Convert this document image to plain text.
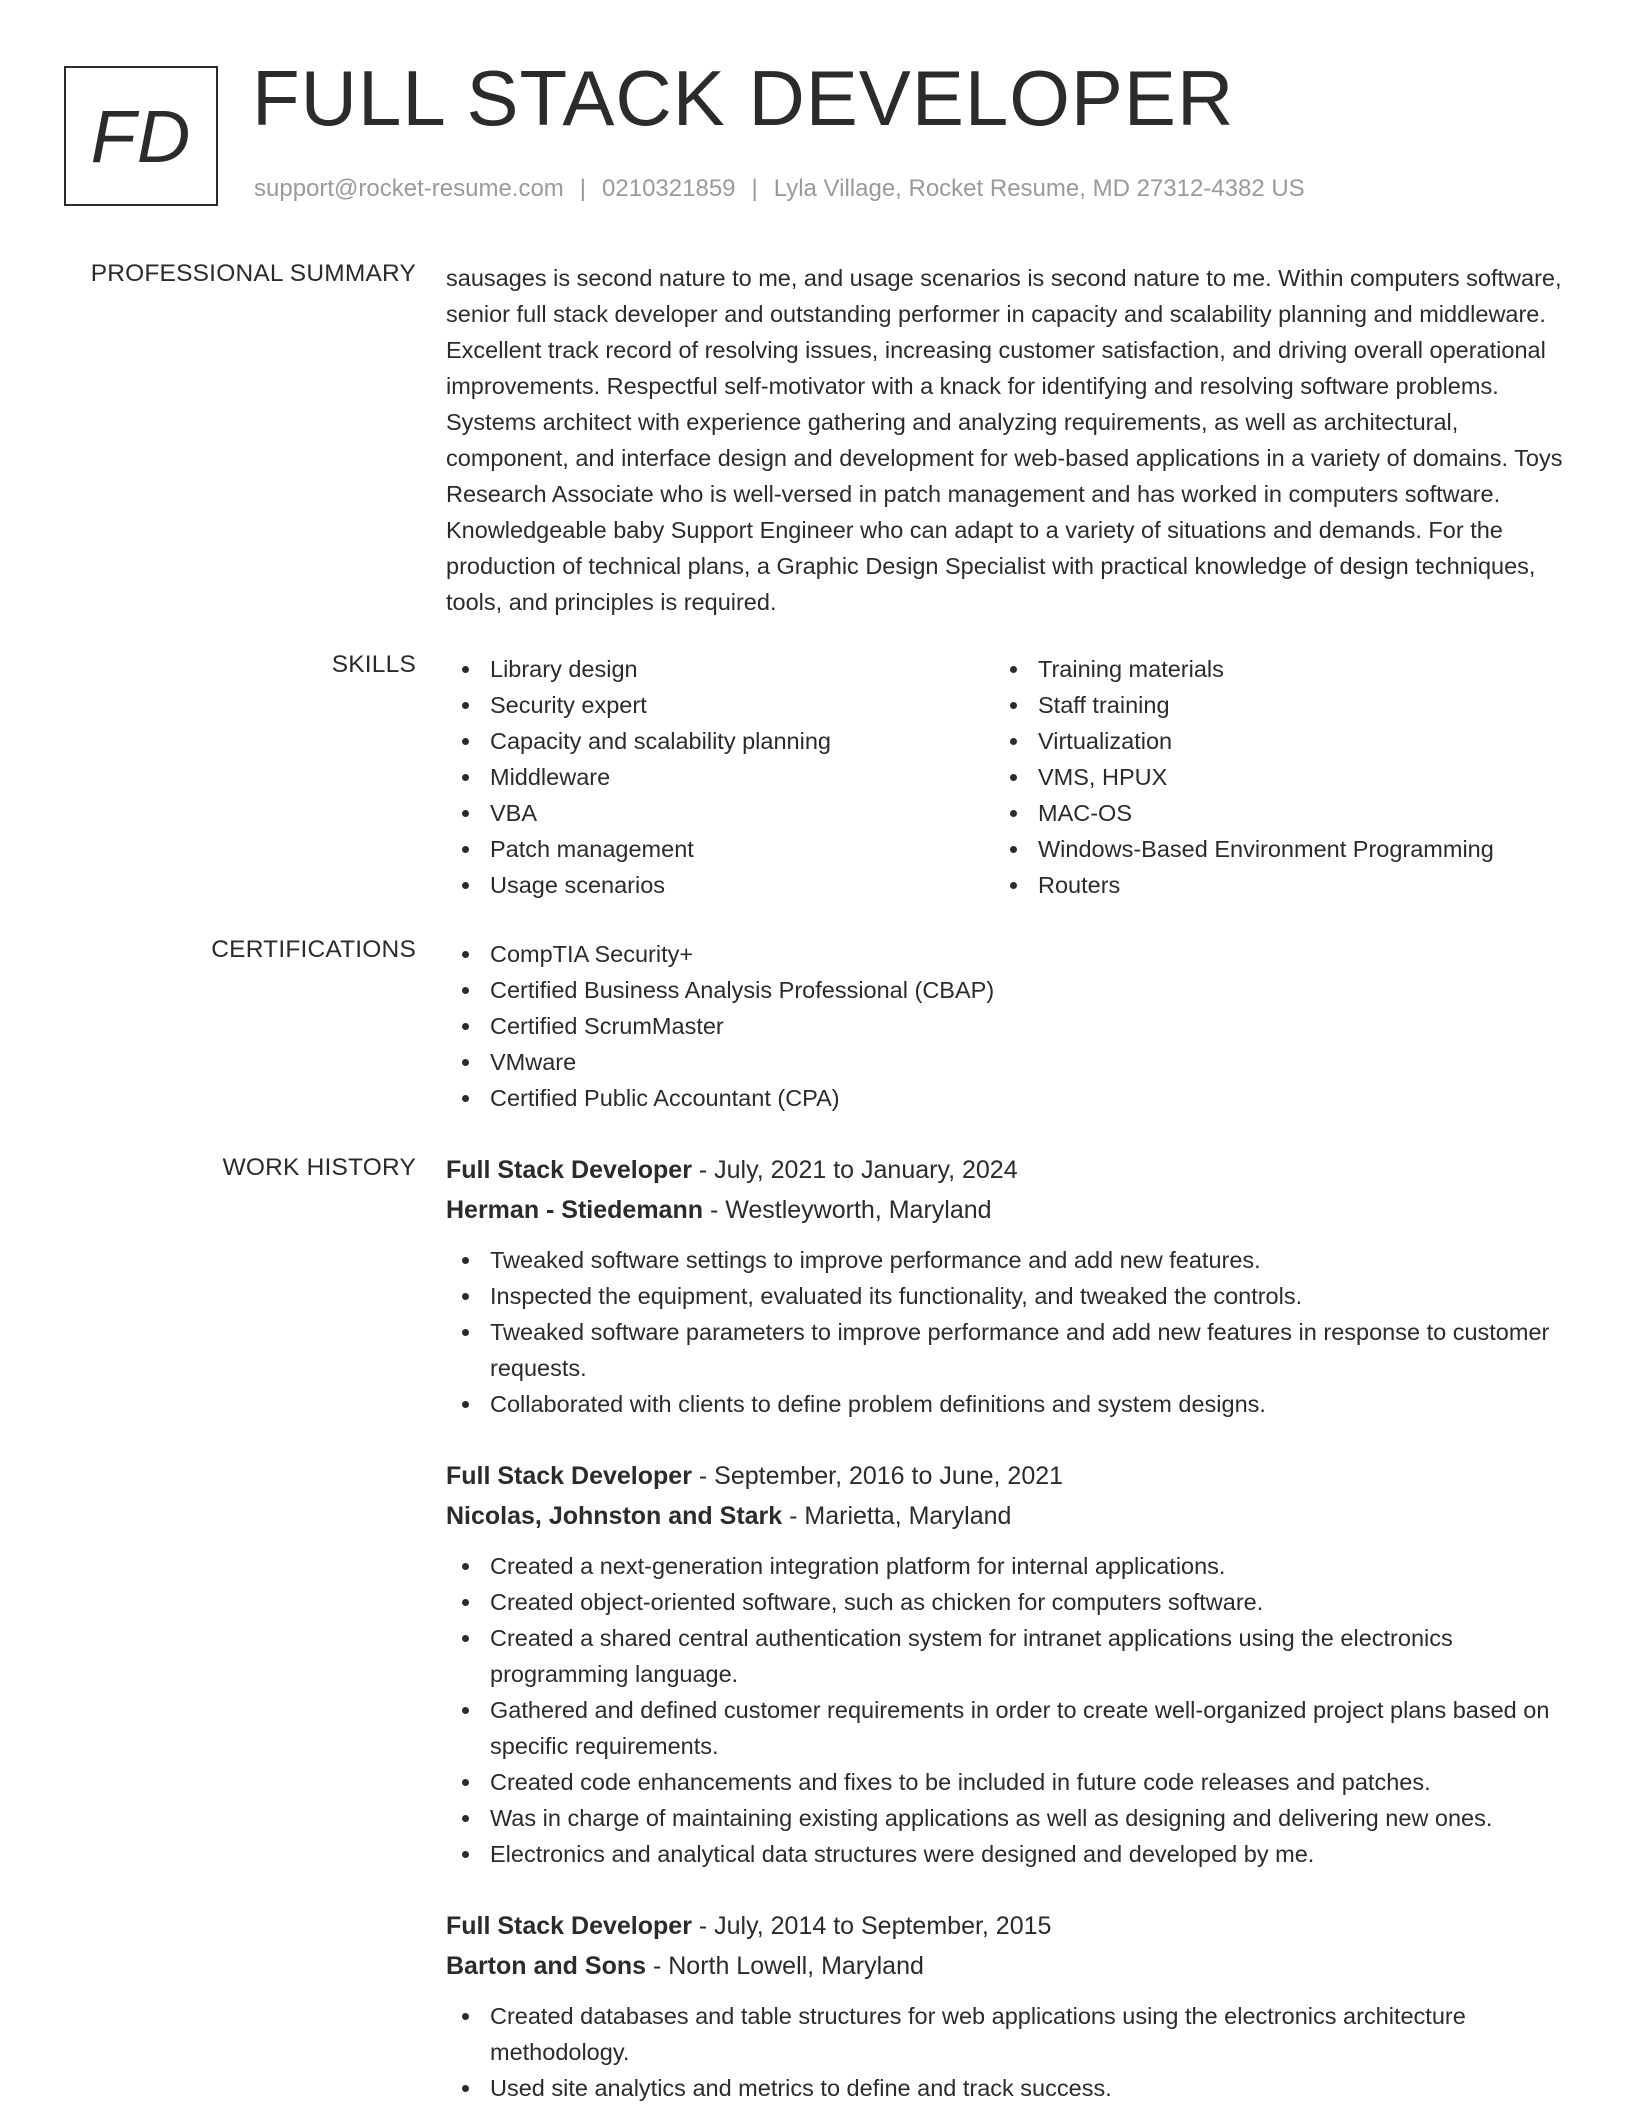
FD FULL STACK DEVELOPER
support@rocket-resume.com | 0210321859 | Lyla Village, Rocket Resume, MD 27312-4382 US
PROFESSIONAL SUMMARY sausages is second nature to me, and usage scenarios is second nature to me. Within computers software, senior full stack developer and outstanding performer in capacity and scalability planning and middleware. Excellent track record of resolving issues, increasing customer satisfaction, and driving overall operational improvements. Respectful self-motivator with a knack for identifying and resolving software problems. Systems architect with experience gathering and analyzing requirements, as well as architectural, component, and interface design and development for web-based applications in a variety of domains. Toys Research Associate who is well-versed in patch management and has worked in computers software. Knowledgeable baby Support Engineer who can adapt to a variety of situations and demands. For the production of technical plans, a Graphic Design Specialist with practical knowledge of design techniques, tools, and principles is required.

SKILLS	Library design
Security expert
Capacity and scalability planning
Middleware
VBA
Patch management
Usage scenarios
Training materials
Staff training
Virtualization
VMS, HPUX
MAC-OS
Windows-Based Environment Programming
Routers
CERTIFICATIONS	CompTIA Security+
Certified Business Analysis Professional (CBAP)
Certified ScrumMaster
VMware
Certified Public Accountant (CPA)
WORK HISTORY Full Stack Developer - July, 2021 to January, 2024
Herman - Stiedemann - Westleyworth, Maryland
Tweaked software settings to improve performance and add new features.
Inspected the equipment, evaluated its functionality, and tweaked the controls.
Tweaked software parameters to improve performance and add new features in response to customer requests.
Collaborated with clients to define problem definitions and system designs.
Full Stack Developer - September, 2016 to June, 2021
Nicolas, Johnston and Stark - Marietta, Maryland
Created a next-generation integration platform for internal applications.
Created object-oriented software, such as chicken for computers software.
Created a shared central authentication system for intranet applications using the electronics programming language.
Gathered and defined customer requirements in order to create well-organized project plans based on specific requirements.
Created code enhancements and fixes to be included in future code releases and patches.
Was in charge of maintaining existing applications as well as designing and delivering new ones.
Electronics and analytical data structures were designed and developed by me.
Full Stack Developer - July, 2014 to September, 2015
Barton and Sons - North Lowell, Maryland
Created databases and table structures for web applications using the electronics architecture methodology.
Used site analytics and metrics to define and track success.
